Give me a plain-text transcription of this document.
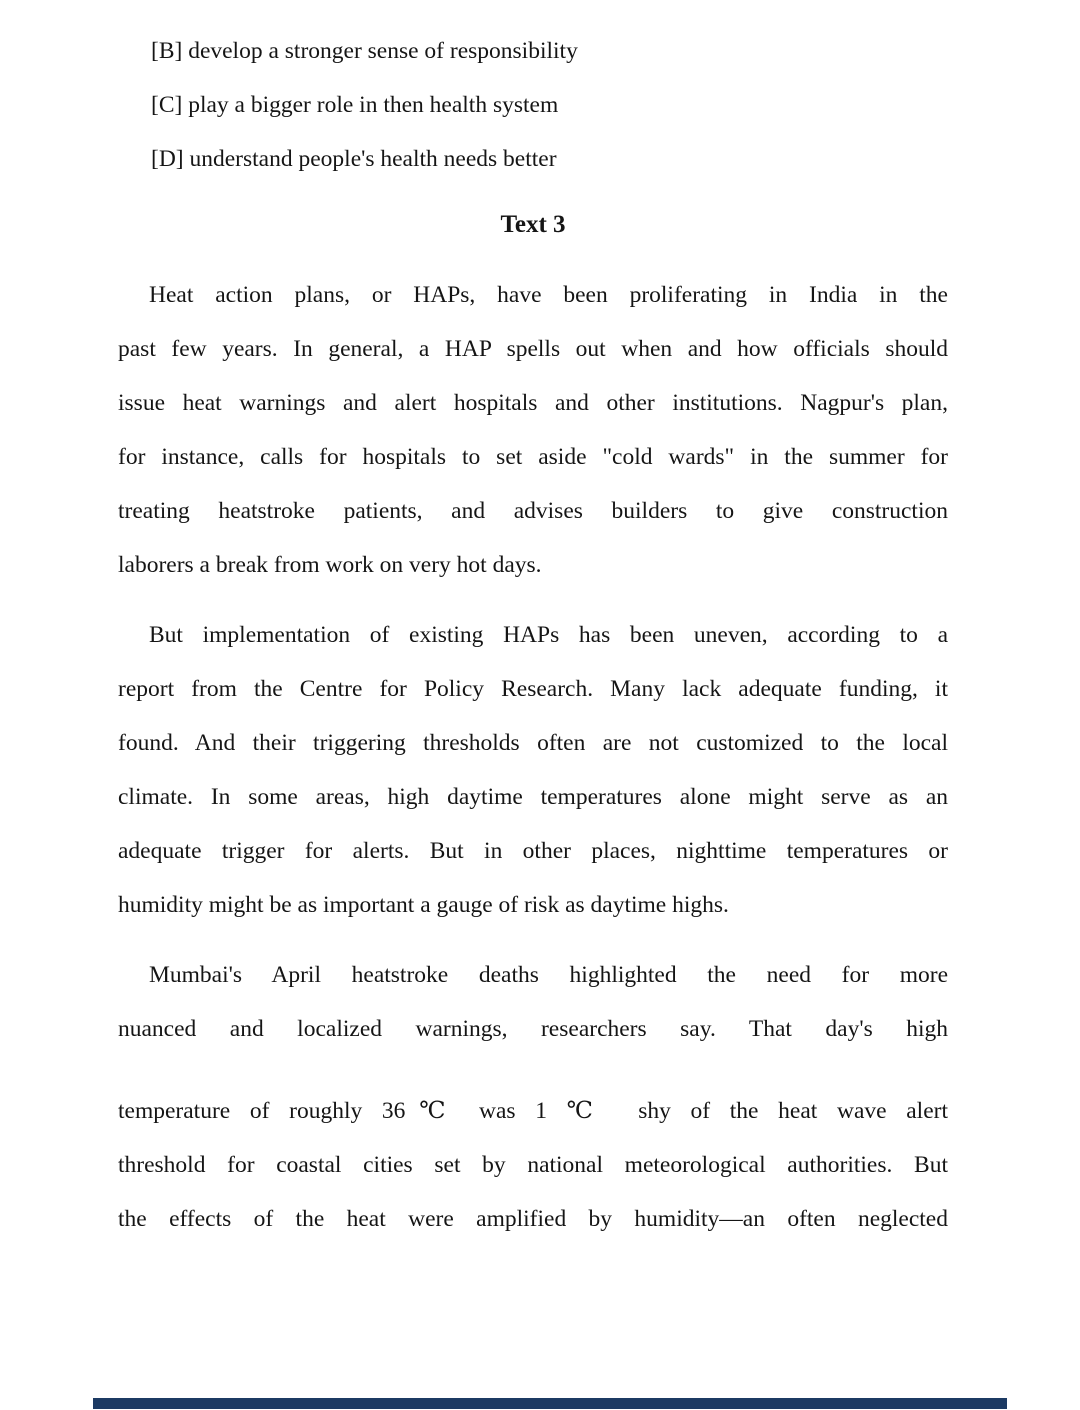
[B] develop a stronger sense of responsibility
[C] play a bigger role in then health system
[D] understand people's health needs better
Text 3
Heat action plans, or HAPs, have been proliferating in India in the
past few years. In general, a HAP spells out when and how officials should
issue heat warnings and alert hospitals and other institutions. Nagpur's plan,
for instance, calls for hospitals to set aside "cold wards" in the summer for
treating heatstroke patients, and advises builders to give construction
laborers a break from work on very hot days.
But implementation of existing HAPs has been uneven, according to a
report from the Centre for Policy Research. Many lack adequate funding, it
found. And their triggering thresholds often are not customized to the local
climate. In some areas, high daytime temperatures alone might serve as an
adequate trigger for alerts. But in other places, nighttime temperatures or
humidity might be as important a gauge of risk as daytime highs.
Mumbai's April heatstroke deaths highlighted the need for more
nuanced and localized warnings, researchers say. That day's high
temperature of roughly 36℃ was 1 ℃  shy of the heat wave alert
threshold for coastal cities set by national meteorological authorities. But
the effects of the heat were amplified by humidity—an often neglected
